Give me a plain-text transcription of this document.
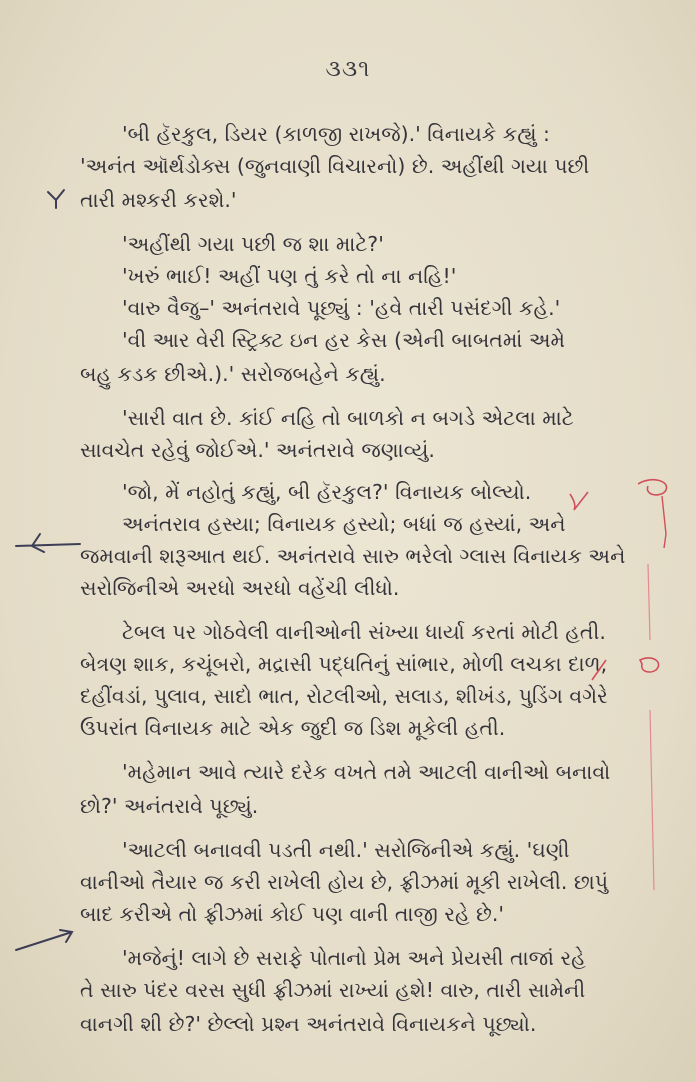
૩૩૧
'બી હૅરકુલ, ડિયર (કાળજી રાખજે).' વિનાયકે કહ્યું :
'અનંત ઑર્થડોક્સ (જુનવાણી વિચારનો) છે. અહીંથી ગયા પછી
તારી મશ્કરી કરશે.'
'અહીંથી ગયા પછી જ શા માટે?'
'ખરું ભાઈ! અહીં પણ તું કરે તો ના નહિ!'
'વારુ વૈજુ–' અનંતરાવે પૂછ્યું : 'હવે તારી પસંદગી કહે.'
'વી આર વેરી સ્ટ્રિક્ટ ઇન હર કેસ (એની બાબતમાં અમે
બહુ કડક છીએ.).' સરોજબહેને કહ્યું.
'સારી વાત છે. કાંઈ નહિ તો બાળકો ન બગડે એટલા માટે
સાવચેત રહેવું જોઈએ.' અનંતરાવે જણાવ્યું.
'જો, મેં નહોતું કહ્યું, બી હૅરકુલ?' વિનાયક બોલ્યો.
અનંતરાવ હસ્યા; વિનાયક હસ્યો; બધાં જ હસ્યાં, અને
જમવાની શરૂઆત થઈ. અનંતરાવે સારુ ભરેલો ગ્લાસ વિનાયક અને
સરોજિનીએ અરધો અરધો વહેંચી લીધો.
ટેબલ પર ગોઠવેલી વાનીઓની સંખ્યા ધાર્યા કરતાં મોટી હતી.
બેત્રણ શાક, કચૂંબરો, મદ્રાસી પદ્ધતિનું સાંભાર, મોળી લચકા દાળ,
દહીંવડાં, પુલાવ, સાદો ભાત, રોટલીઓ, સલાડ, શીખંડ, પુડિંગ વગેરે
ઉપરાંત વિનાયક માટે એક જુદી જ ડિશ મૂકેલી હતી.
'મહેમાન આવે ત્યારે દરેક વખતે તમે આટલી વાનીઓ બનાવો
છો?' અનંતરાવે પૂછ્યું.
'આટલી બનાવવી પડતી નથી.' સરોજિનીએ કહ્યું. 'ઘણી
વાનીઓ તૈયાર જ કરી રાખેલી હોય છે, ફ્રીઝમાં મૂકી રાખેલી. છાપું
બાદ કરીએ તો ફ્રીઝમાં કોઈ પણ વાની તાજી રહે છે.'
'મજેનું! લાગે છે સરાફે પોતાનો પ્રેમ અને પ્રેયસી તાજાં રહે
તે સારુ પંદર વરસ સુધી ફ્રીઝમાં રાખ્યાં હશે! વારુ, તારી સામેની
વાનગી શી છે?' છેલ્લો પ્રશ્ન અનંતરાવે વિનાયકને પૂછ્યો.
